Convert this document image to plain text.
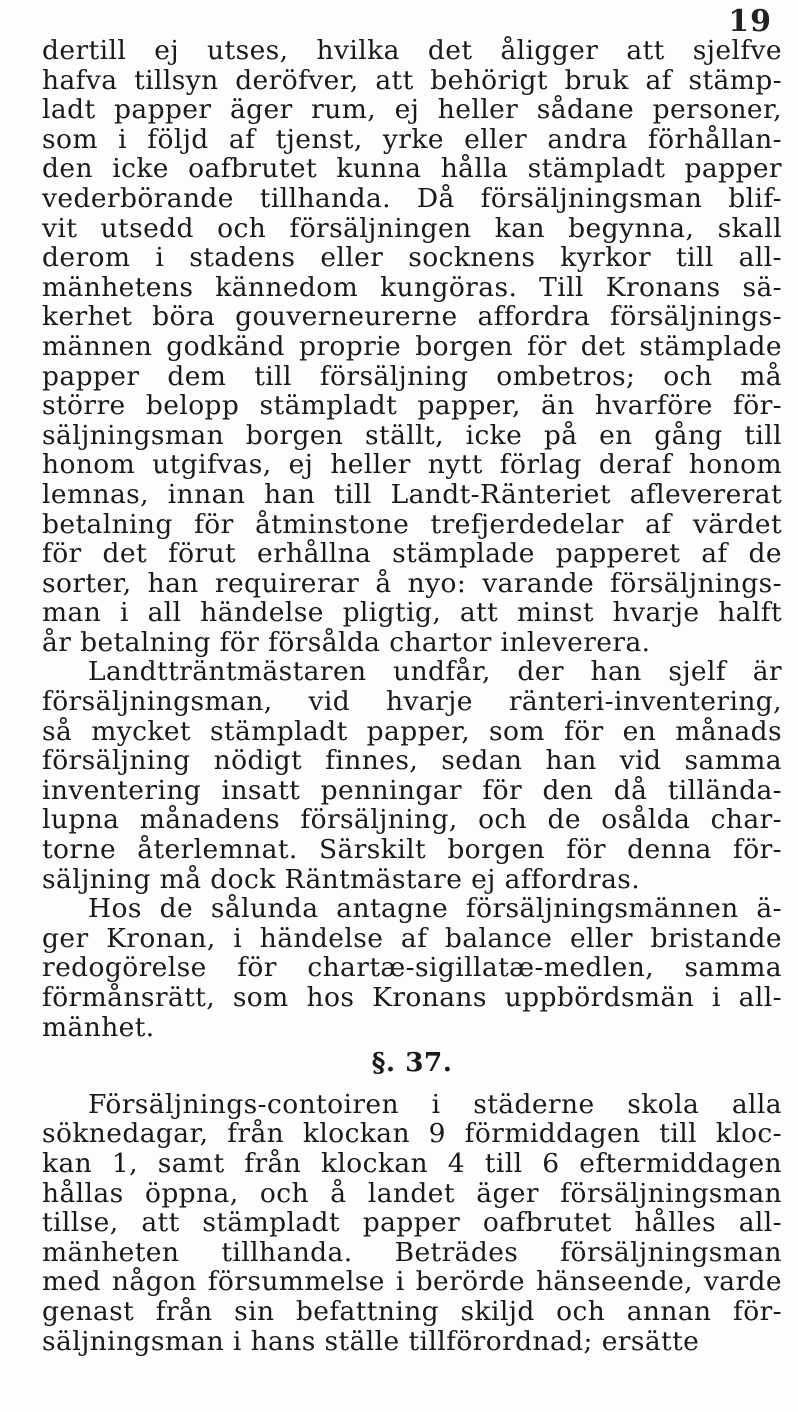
19
dertill ej utses, hvilka det åligger att sjelfve
hafva tillsyn deröfver, att behörigt bruk af stämp-
ladt papper äger rum, ej heller sådane personer,
som i följd af tjenst, yrke eller andra förhållan-
den icke oafbrutet kunna hålla stämpladt papper
vederbörande tillhanda. Då försäljningsman blif-
vit utsedd och försäljningen kan begynna, skall
derom i stadens eller socknens kyrkor till all-
mänhetens kännedom kungöras. Till Kronans sä-
kerhet böra gouverneurerne affordra försäljnings-
männen godkänd proprie borgen för det stämplade
papper dem till försäljning ombetros; och må
större belopp stämpladt papper, än hvarföre för-
säljningsman borgen ställt, icke på en gång till
honom utgifvas, ej heller nytt förlag deraf honom
lemnas, innan han till Landt-Ränteriet aflevererat
betalning för åtminstone trefjerdedelar af värdet
för det förut erhållna stämplade papperet af de
sorter, han requirerar å nyo: varande försäljnings-
man i all händelse pligtig, att minst hvarje halft
år betalning för försålda chartor inleverera.
Landtträntmästaren undfår, der han sjelf är
försäljningsman, vid hvarje ränteri-inventering,
så mycket stämpladt papper, som för en månads
försäljning nödigt finnes, sedan han vid samma
inventering insatt penningar för den då tillända-
lupna månadens försäljning, och de osålda char-
torne återlemnat. Särskilt borgen för denna för-
säljning må dock Räntmästare ej affordras.
Hos de sålunda antagne försäljningsmännen ä-
ger Kronan, i händelse af balance eller bristande
redogörelse för chartæ-sigillatæ-medlen, samma
förmånsrätt, som hos Kronans uppbördsmän i all-
mänhet.
§. 37.
Försäljnings-contoiren i städerne skola alla
söknedagar, från klockan 9 förmiddagen till kloc-
kan 1, samt från klockan 4 till 6 eftermiddagen
hållas öppna, och å landet äger försäljningsman
tillse, att stämpladt papper oafbrutet hålles all-
mänheten tillhanda. Beträdes försäljningsman
med någon försummelse i berörde hänseende, varde
genast från sin befattning skiljd och annan för-
säljningsman i hans ställe tillförordnad; ersätte
